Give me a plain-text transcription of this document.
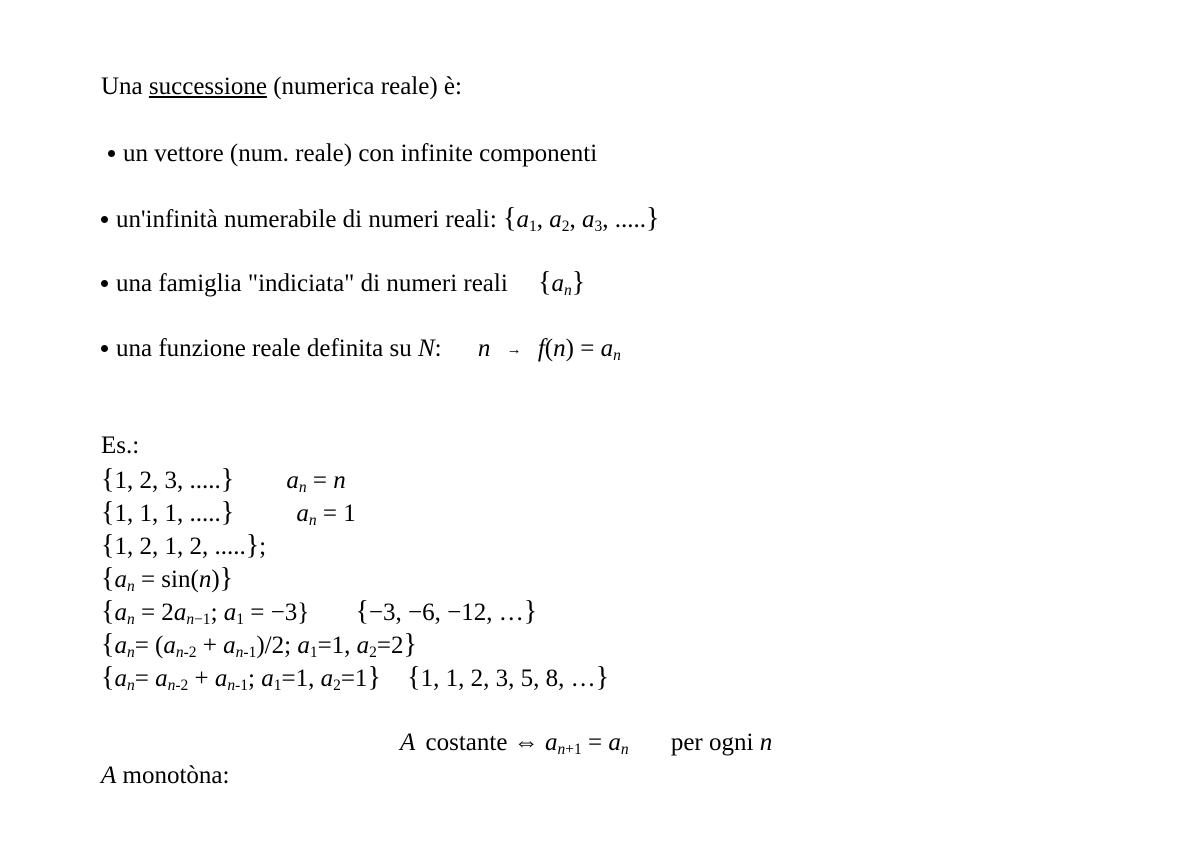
Una successione (numerica reale) è:
un vettore (num. reale) con infinite componenti
un'infinità numerabile di numeri reali: {$a_1$, $a_2$, $a_3$, .....}
una famiglia "indiciata" di numeri reali $\{a_n\}$
una funzione reale definita su N: $n \to f(n) = a_n$
Es.:
{1, 2, 3, .....} $a_n = n$
{1, 1, 1, .....} $a_n = 1$
{1, 2, 1, 2, .....};
$\{a_n = \sin(n)\}$
{$a_n = 2a_{n-1}$; $a_1 = -3$} {−3, −6, −12, …}
{$a_n= (a_{n-2} + a_{n-1})/2$; $a_1=1$, $a_2=2$}
{$a_n= a_{n-2} + a_{n-1}$; $a_1=1$, $a_2=1$} {1, 1, 2, 3, 5, 8, …}
A costante ⇔ $a_{n+1} = a_n$ per ogni n
A monotòna:
